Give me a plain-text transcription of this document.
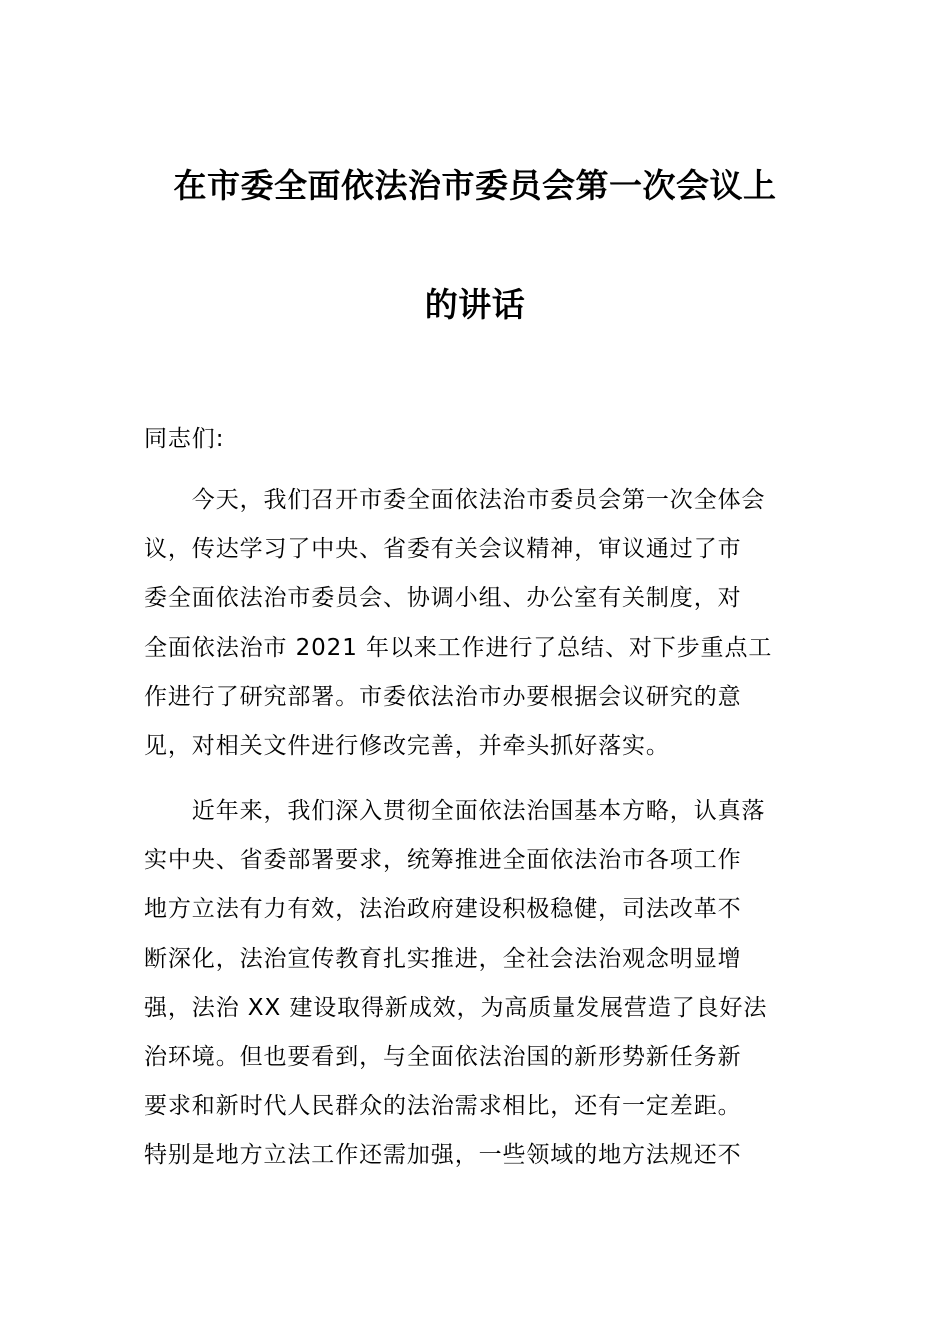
在市委全面依法治市委员会第一次会议上
的讲话
同志们:
　　今天，我们召开市委全面依法治市委员会第一次全体会
议，传达学习了中央、省委有关会议精神，审议通过了市
委全面依法治市委员会、协调小组、办公室有关制度，对
全面依法治市 2021 年以来工作进行了总结、对下步重点工
作进行了研究部署。市委依法治市办要根据会议研究的意
见，对相关文件进行修改完善，并牵头抓好落实。
　　近年来，我们深入贯彻全面依法治国基本方略，认真落
实中央、省委部署要求，统筹推进全面依法治市各项工作
地方立法有力有效，法治政府建设积极稳健，司法改革不
断深化，法治宣传教育扎实推进，全社会法治观念明显增
强，法治 XX 建设取得新成效，为高质量发展营造了良好法
治环境。但也要看到，与全面依法治国的新形势新任务新
要求和新时代人民群众的法治需求相比，还有一定差距。
特别是地方立法工作还需加强，一些领域的地方法规还不
